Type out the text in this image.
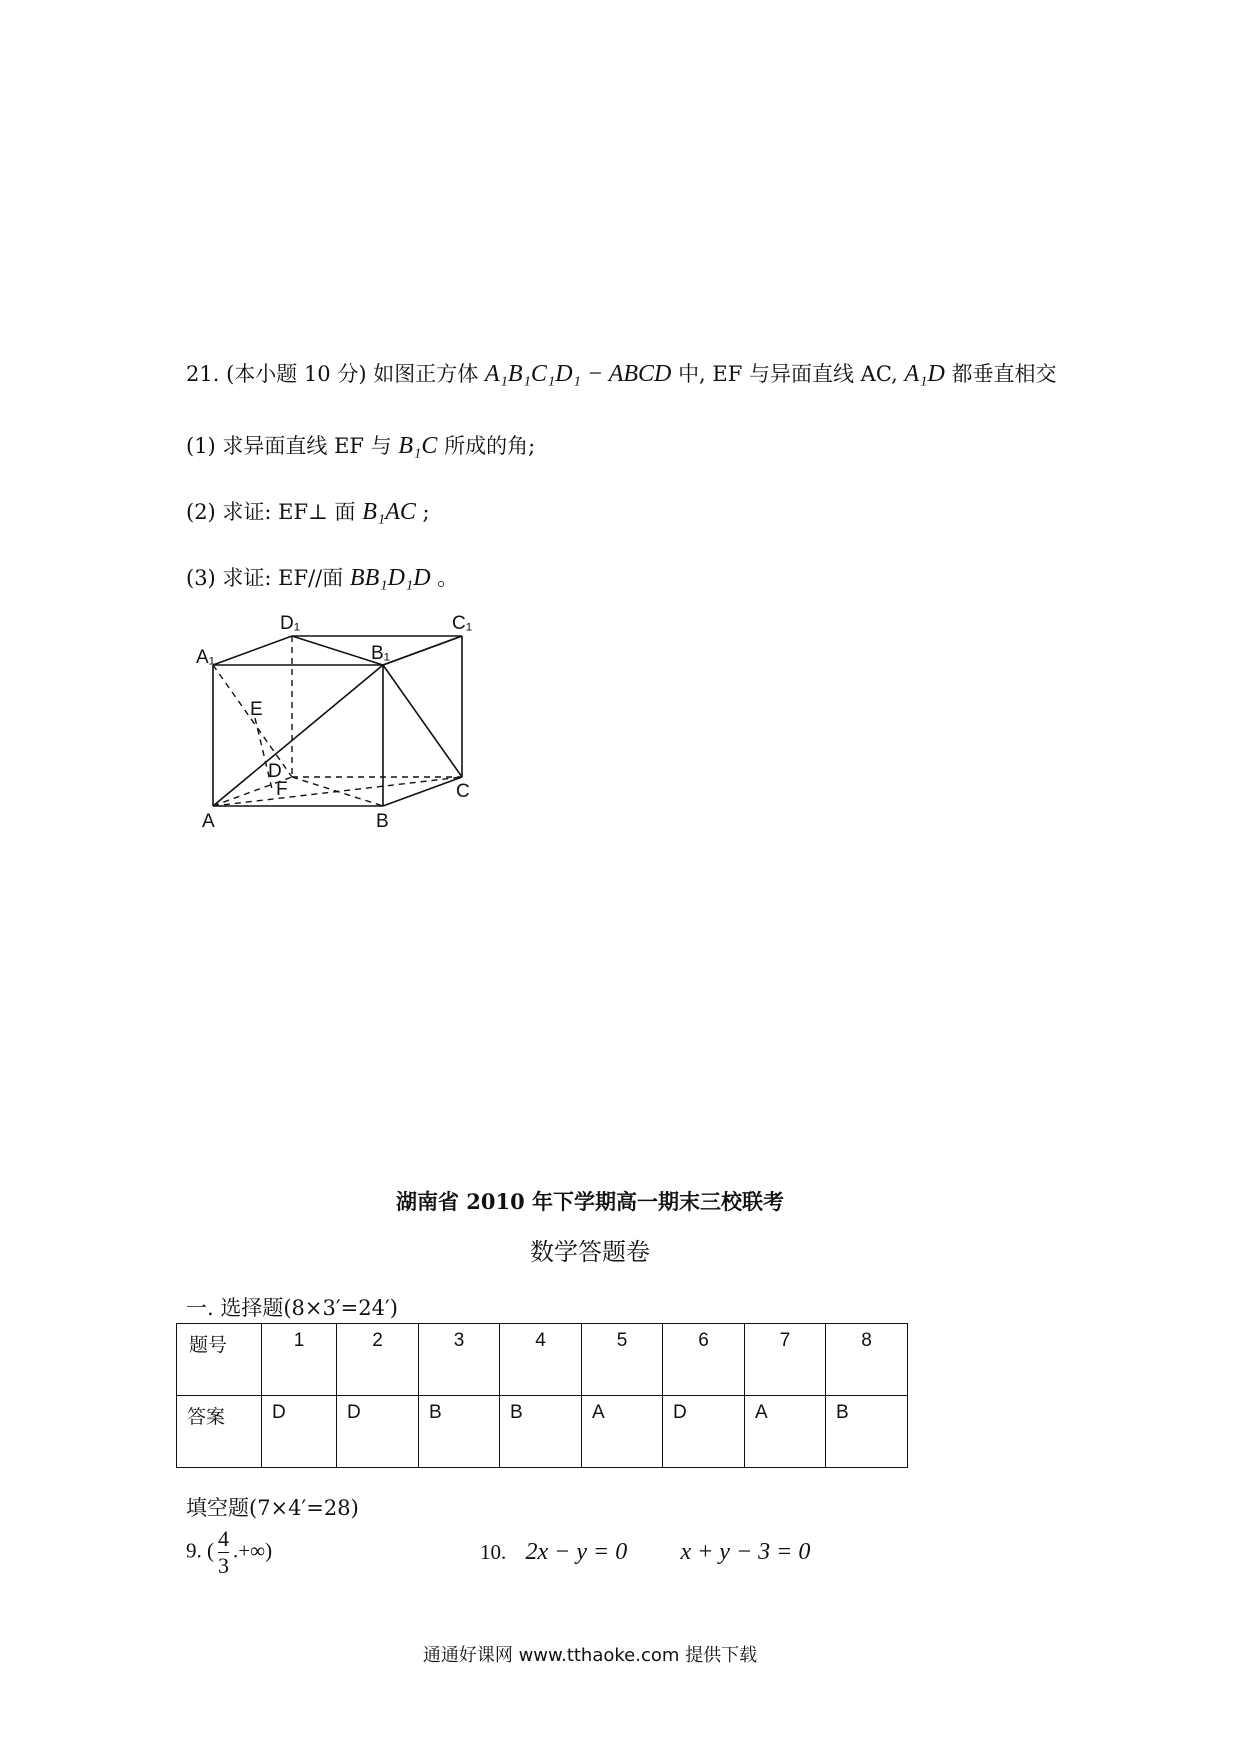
21. (本小题 10 分) 如图正方体 A₁B₁C₁D₁ − ABCD 中, EF 与异面直线 AC, A₁D 都垂直相交
(1) 求异面直线 EF 与 B₁C 所成的角;
(2) 求证: EF⊥ 面 B₁AC ;
(3) 求证: EF//面 BB₁D₁D 。
A₁
D₁
B₁
C₁
E
D
F	C
A	B
湖南省 2010 年下学期高一期末三校联考
数学答题卷
一. 选择题(8×3′=24′)
题号	1	2	3	4	5	6	7	8
答案	D	D	B	B	A	D	A	B
填空题(7×4′=28)
9. ( $\frac{4}{3}$ .+∞)	10. 2x − y = 0 x + y − 3 = 0
通通好课网 www.tthaoke.com 提供下载
